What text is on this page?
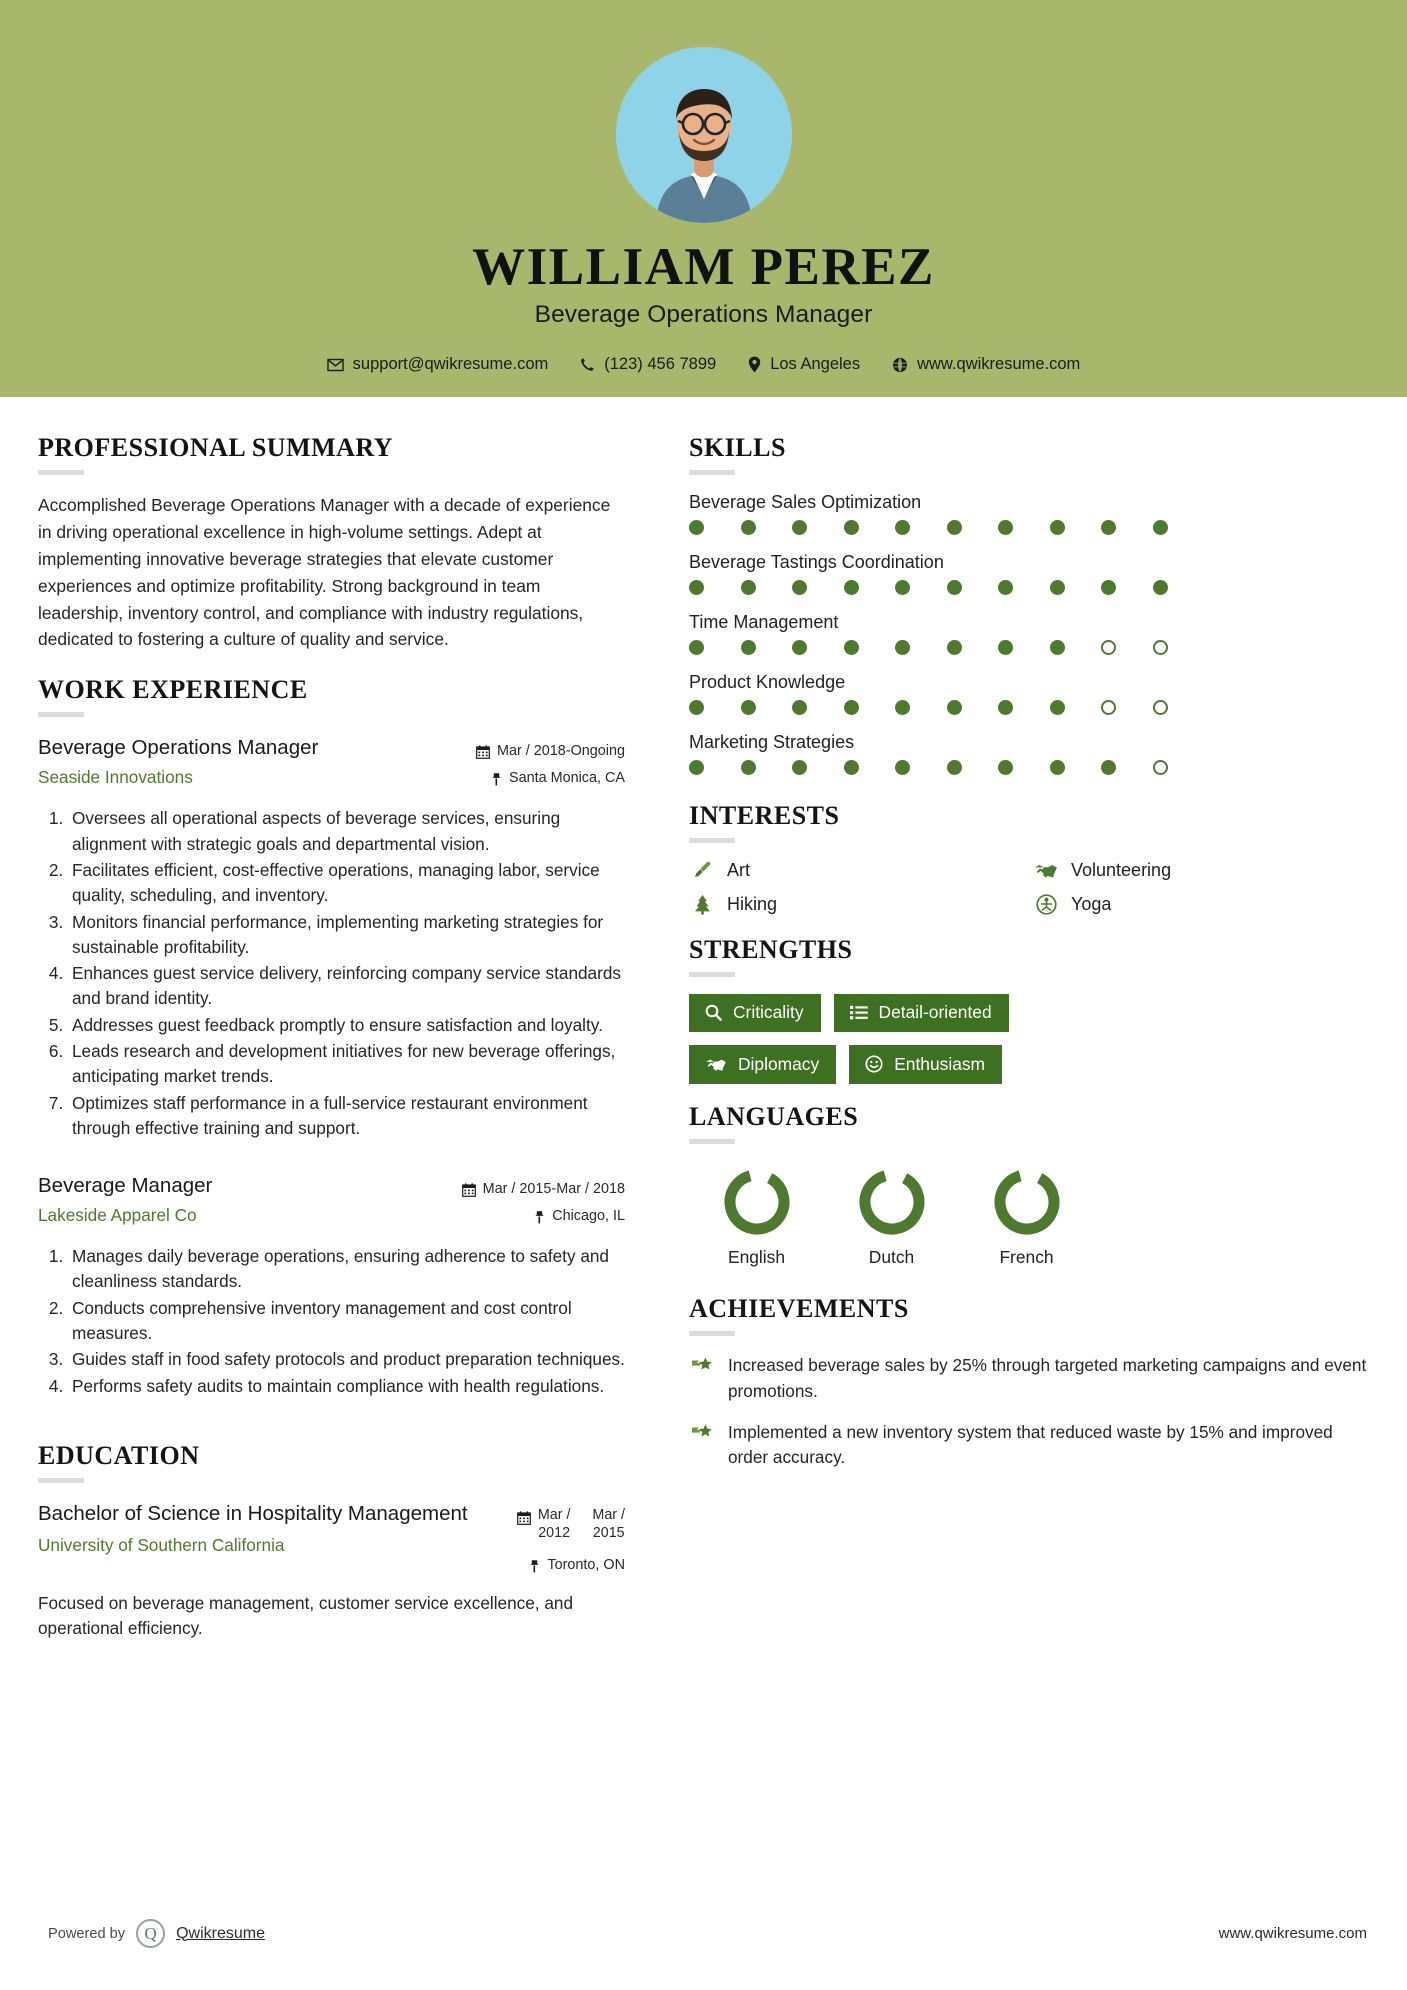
WILLIAM PEREZ
Beverage Operations Manager
support@qwikresume.com	(123) 456 7899	Los Angeles	www.qwikresume.com
PROFESSIONAL SUMMARY
Accomplished Beverage Operations Manager with a decade of experience in driving operational excellence in high-volume settings. Adept at implementing innovative beverage strategies that elevate customer experiences and optimize profitability. Strong background in team leadership, inventory control, and compliance with industry regulations, dedicated to fostering a culture of quality and service.
WORK EXPERIENCE
Beverage Operations Manager
Seaside Innovations
Mar / 2018-Ongoing
Santa Monica, CA
1. Oversees all operational aspects of beverage services, ensuring alignment with strategic goals and departmental vision.
2. Facilitates efficient, cost-effective operations, managing labor, service quality, scheduling, and inventory.
3. Monitors financial performance, implementing marketing strategies for sustainable profitability.
4. Enhances guest service delivery, reinforcing company service standards and brand identity.
5. Addresses guest feedback promptly to ensure satisfaction and loyalty.
6. Leads research and development initiatives for new beverage offerings, anticipating market trends.
7. Optimizes staff performance in a full-service restaurant environment through effective training and support.
Beverage Manager
Lakeside Apparel Co
Mar / 2015-Mar / 2018
Chicago, IL
1. Manages daily beverage operations, ensuring adherence to safety and cleanliness standards.
2. Conducts comprehensive inventory management and cost control measures.
3. Guides staff in food safety protocols and product preparation techniques.
4. Performs safety audits to maintain compliance with health regulations.
EDUCATION
Bachelor of Science in Hospitality Management
University of Southern California
Mar /
2012
Mar /
2015
Toronto, ON
Focused on beverage management, customer service excellence, and operational efficiency.
SKILLS
Beverage Sales Optimization
Beverage Tastings Coordination
Time Management
Product Knowledge
Marketing Strategies
INTERESTS
Art	Volunteering
Hiking	Yoga
STRENGTHS
Criticality	Detail-oriented
Diplomacy	Enthusiasm
LANGUAGES
English	Dutch	French
ACHIEVEMENTS
Increased beverage sales by 25% through targeted marketing campaigns and event promotions.
Implemented a new inventory system that reduced waste by 15% and improved order accuracy.
Powered by	Q	Qwikresume	www.qwikresume.com
